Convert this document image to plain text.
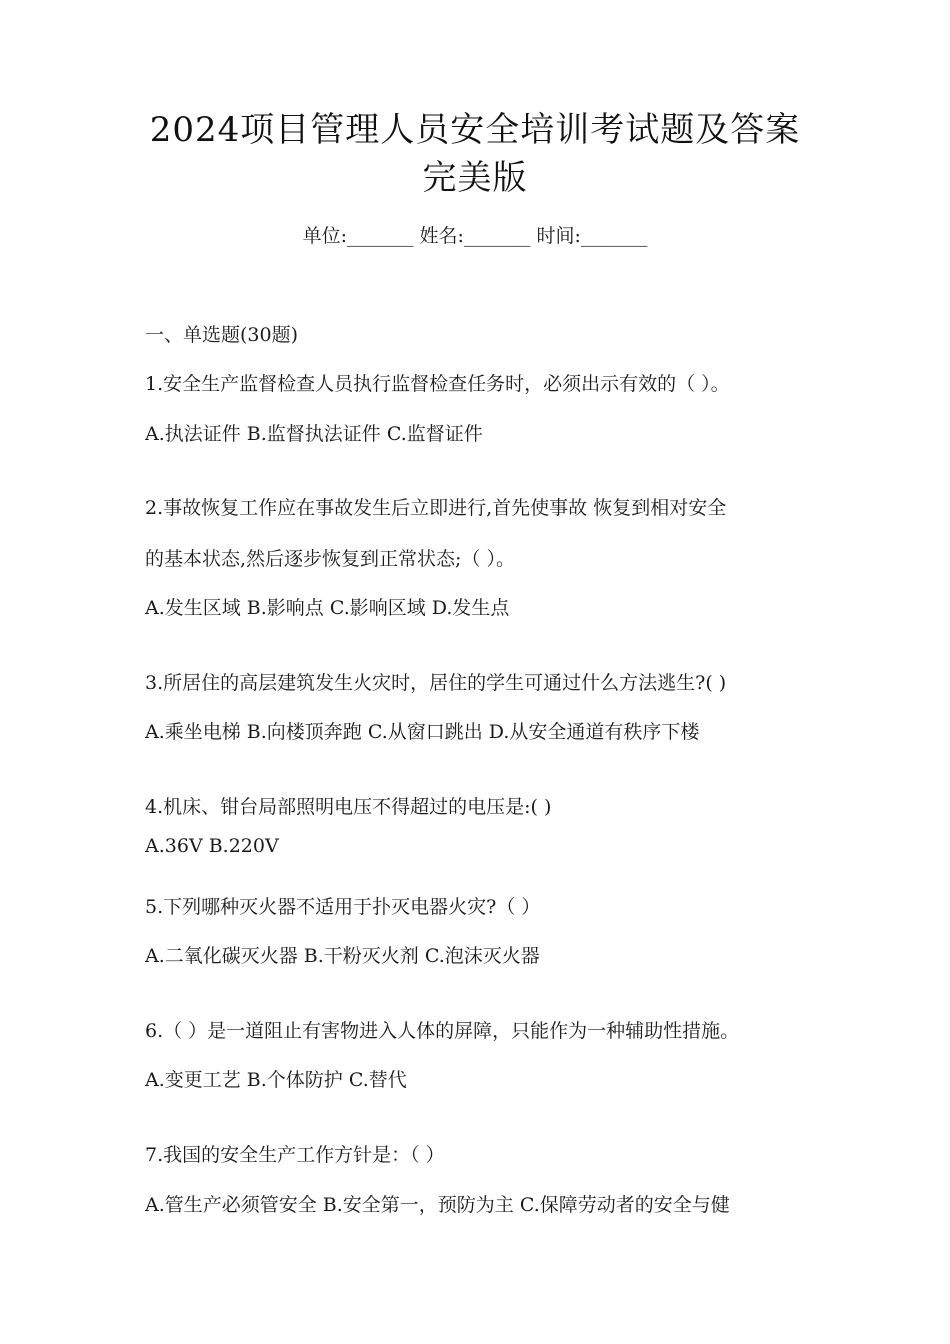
2024项目管理人员安全培训考试题及答案
完美版
单位:_______ 姓名:_______ 时间:_______
一、单选题(30题)
1.安全生产监督检查人员执行监督检查任务时，必须出示有效的（ ）。
A.执法证件 B.监督执法证件 C.监督证件
2.事故恢复工作应在事故发生后立即进行,首先使事故 恢复到相对安全
的基本状态,然后逐步恢复到正常状态;（ ）。
A.发生区域 B.影响点 C.影响区域 D.发生点
3.所居住的高层建筑发生火灾时，居住的学生可通过什么方法逃生?( )
A.乘坐电梯 B.向楼顶奔跑 C.从窗口跳出 D.从安全通道有秩序下楼
4.机床、钳台局部照明电压不得超过的电压是:( )
A.36V B.220V
5.下列哪种灭火器不适用于扑灭电器火灾?（ ）
A.二氧化碳灭火器 B.干粉灭火剂 C.泡沫灭火器
6.（ ）是一道阻止有害物进入人体的屏障，只能作为一种辅助性措施。
A.变更工艺 B.个体防护 C.替代
7.我国的安全生产工作方针是：（ ）
A.管生产必须管安全 B.安全第一，预防为主 C.保障劳动者的安全与健
